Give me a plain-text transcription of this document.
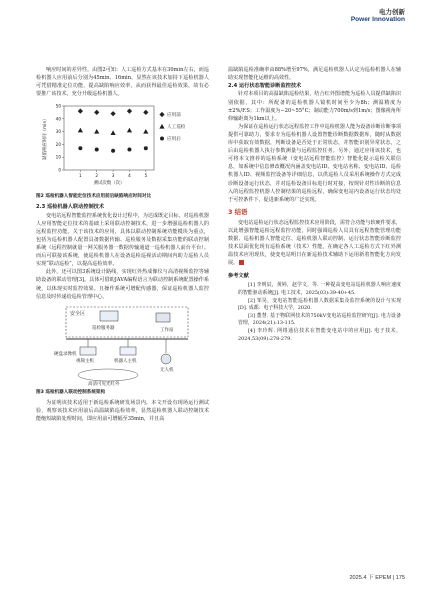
电力创新
Power Innovation

响应时间的差异性。由图2可知：人工巡检方式基本在30min左右，而巡检机器人应用前后分别为45min、16min，显然在该技术加持下巡检机器人可凭借精准定位功能，提高缺陷响应效率，从而获得最佳巡检效果，故有必要推广该技术，充分升级巡检机器人。

0
10
20
30
40
50
1	2	3	4	5
测试次数（次）
缺陷响应时间（min）
应用前
人工巡检
应用后
图2 巡检机器人智能定位技术应用前后缺陷响应时间对比
2.3 巡检机器人联动控制技术

变电站远程智能监控系统优化设计过程中，为达成既定目标，对巡检机器人应用智能定位技术的基础上采用联动控制技术，进一步增强巡检机器人的远程监控功能。关于该技术的应用，具体以联动控制系统功能模块为重点，包括为巡检机器人配置具备数据传输、巡检服务及数据采集功能的联动控制系统（远程控制就量一网关服务器一数据传输通道一巡检机器人前台平台）。而后可联接该系统，使巡检机器人在设备巡检巡视活动期间内助力巡检人员实现“联动巡检”，以提高巡检效率。

此外，还可以图3系统设计路线，实现红外热成像仪与高清视频监控等辅助设备的联动管理[3]。具体可借助JAVA编程语言为联动控制系统配置操作系统，以体现实时监控效果。且操作系统可增配传感器，保证巡检机器人监控信息及时传递给巡检管理中心。

安全区
巡检服务器	工作站
视频主机	机器人主机
硬盘录像机
无人机
高清可见光红外
图3 巡检机器人联动控制系统架构

为证明该技术适用于新巡检系统研发场景内，本文开设有现场运行测试验，观察该技术应用前后高温缺陷巡检效率，显然巡检机器人联动控制技术能缩短缺陷处理时间，即应用前可增幅至35min，并且高

温缺陷巡检准确率由88%增至97%，满足巡检机器人认定为巡检机器人在辅助实现智能化运维的高效性。

2.4 运行状态智能诊断监控技术

针对本项目的高温缺陷巡检结果，结合红外图谱能为巡检人员提供缺陷识别依据，其中：所配备的巡检机器人镜机时间至少为8h；测温精度为±2%/F.S；工作温度为−20~55°C；制动能力700m/s到1m/s；图像视角所仰输距离为1km以上。

为保证在巡检运行状态远程监控工作中巡检机器人能为设备诊断诊断事项提供可靠助力，要求专为巡检机器人设置智能诊断数据数据库，随时从数据库中获取有效数据，判断设备是否处于正常状态，并智能识别异常状态，之后由巡检机器人执行参数测量与远程监控任务。另外，通过应用该技术，也可将本文推荐的巡检系统（变电站远程智能监控）智能化提示巡检关联信息，如系统中信息修改概况内涵盖变电站ID、变电站名称、变电站ID、巡检机器人ID、视频监控设备等详细信息，以供巡检人员采用系统操作方式完成诊断设备运行状态，并对巡检设备目标进行时对接，按规针对性诊断的信息入的远程监控机器人控制结果的巡检远程，确保变电站内设备运行状态均处于可控条件下，促进新系统的广泛实现。

3 结语

变电站巡检运行状态远程监控技术应用阶段，需符合功能与软硬件要求，以此增强智能巡检远程监控功能，同时强调巡检人员具有远程智能管理功能数据、巡检机器人智能定位、巡检机器人联动控制、运行状态智能诊断监控技术层面优化现有巡检系统（技术）性能，在确定各人工巡检方式下红外测温技术应用现状，使变电站明日在新巡检技术辅助下运用新着智能化方向发展。

参考文献

[1] 李明辰，黄婷，赵学文，等. 一种提高变电站巡检机器人响应速度的智能驱动系统[J]. 电工技术，2025(03):39-40+45.

[2] 邹昊，变电站智能巡检机器人数据采集及监控系统的设计与实现[D]. 成都：电子科技大学，2020.

[3] 董慧. 基于物联网技术的750kV变电站巡检监控研究[J]. 电力设备管理，2024(21):13-115.

[4] 李玲辉. 网络通信技术在智能变电站中的应用[J]. 电子技术，2024,53(09):278-279.

2025.4 下 EPEM | 175
